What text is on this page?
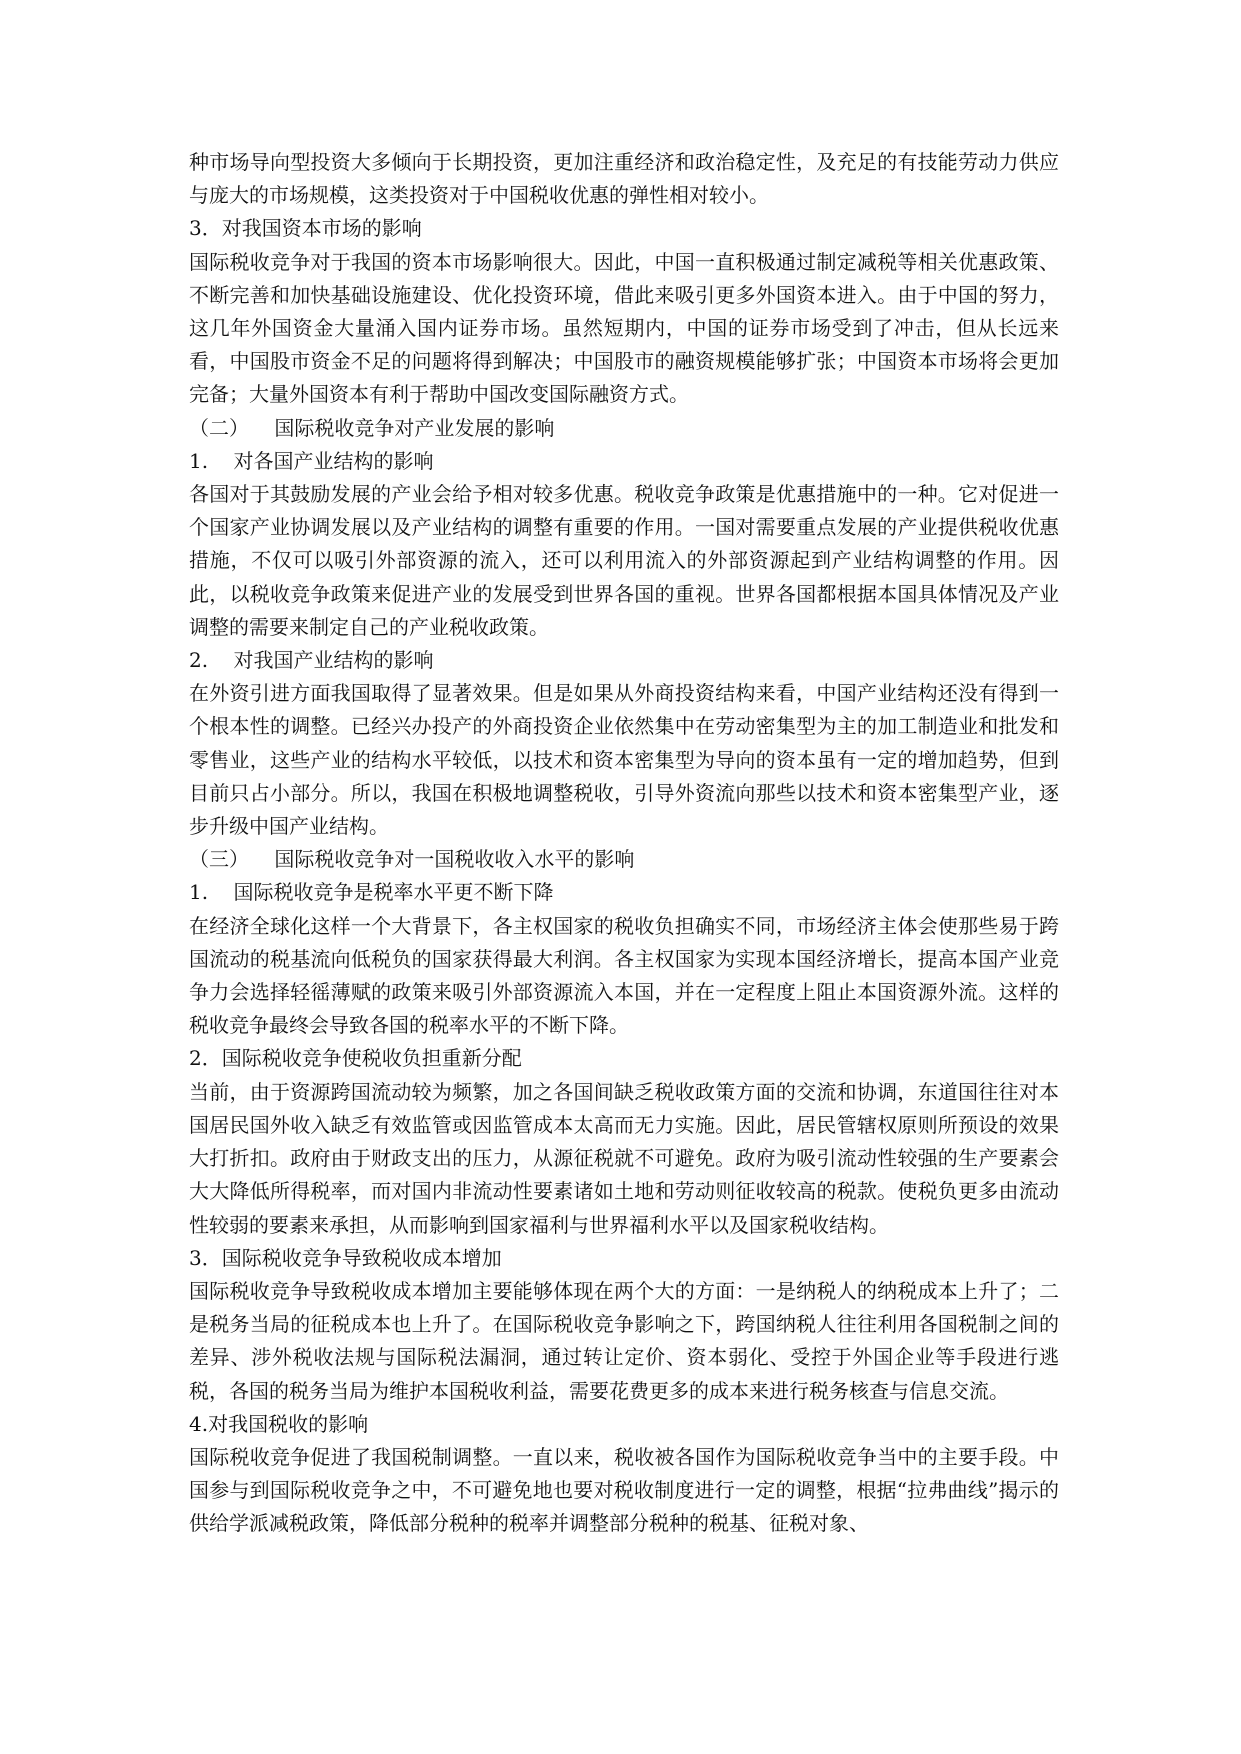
种市场导向型投资大多倾向于长期投资，更加注重经济和政治稳定性，及充足的有技能劳动力供应与庞大的市场规模，这类投资对于中国税收优惠的弹性相对较小。

3．对我国资本市场的影响

国际税收竞争对于我国的资本市场影响很大。因此，中国一直积极通过制定减税等相关优惠政策、不断完善和加快基础设施建设、优化投资环境，借此来吸引更多外国资本进入。由于中国的努力，这几年外国资金大量涌入国内证券市场。虽然短期内，中国的证券市场受到了冲击，但从长远来看，中国股市资金不足的问题将得到解决；中国股市的融资规模能够扩张；中国资本市场将会更加完备；大量外国资本有利于帮助中国改变国际融资方式。

（二）    国际税收竞争对产业发展的影响

1.    对各国产业结构的影响

各国对于其鼓励发展的产业会给予相对较多优惠。税收竞争政策是优惠措施中的一种。它对促进一个国家产业协调发展以及产业结构的调整有重要的作用。一国对需要重点发展的产业提供税收优惠措施，不仅可以吸引外部资源的流入，还可以利用流入的外部资源起到产业结构调整的作用。因此，以税收竞争政策来促进产业的发展受到世界各国的重视。世界各国都根据本国具体情况及产业调整的需要来制定自己的产业税收政策。

2.    对我国产业结构的影响

在外资引进方面我国取得了显著效果。但是如果从外商投资结构来看，中国产业结构还没有得到一个根本性的调整。已经兴办投产的外商投资企业依然集中在劳动密集型为主的加工制造业和批发和零售业，这些产业的结构水平较低，以技术和资本密集型为导向的资本虽有一定的增加趋势，但到目前只占小部分。所以，我国在积极地调整税收，引导外资流向那些以技术和资本密集型产业，逐步升级中国产业结构。

（三）    国际税收竞争对一国税收收入水平的影响

1.    国际税收竞争是税率水平更不断下降

在经济全球化这样一个大背景下，各主权国家的税收负担确实不同，市场经济主体会使那些易于跨国流动的税基流向低税负的国家获得最大利润。各主权国家为实现本国经济增长，提高本国产业竞争力会选择轻徭薄赋的政策来吸引外部资源流入本国，并在一定程度上阻止本国资源外流。这样的税收竞争最终会导致各国的税率水平的不断下降。

2．国际税收竞争使税收负担重新分配

当前，由于资源跨国流动较为频繁，加之各国间缺乏税收政策方面的交流和协调，东道国往往对本国居民国外收入缺乏有效监管或因监管成本太高而无力实施。因此，居民管辖权原则所预设的效果大打折扣。政府由于财政支出的压力，从源征税就不可避免。政府为吸引流动性较强的生产要素会大大降低所得税率，而对国内非流动性要素诸如土地和劳动则征收较高的税款。使税负更多由流动性较弱的要素来承担，从而影响到国家福利与世界福利水平以及国家税收结构。

3．国际税收竞争导致税收成本增加

国际税收竞争导致税收成本增加主要能够体现在两个大的方面：一是纳税人的纳税成本上升了；二是税务当局的征税成本也上升了。在国际税收竞争影响之下，跨国纳税人往往利用各国税制之间的差异、涉外税收法规与国际税法漏洞，通过转让定价、资本弱化、受控于外国企业等手段进行逃税，各国的税务当局为维护本国税收利益，需要花费更多的成本来进行税务核查与信息交流。

4.对我国税收的影响

国际税收竞争促进了我国税制调整。一直以来，税收被各国作为国际税收竞争当中的主要手段。中国参与到国际税收竞争之中，不可避免地也要对税收制度进行一定的调整，根据“拉弗曲线”揭示的供给学派减税政策，降低部分税种的税率并调整部分税种的税基、征税对象、
